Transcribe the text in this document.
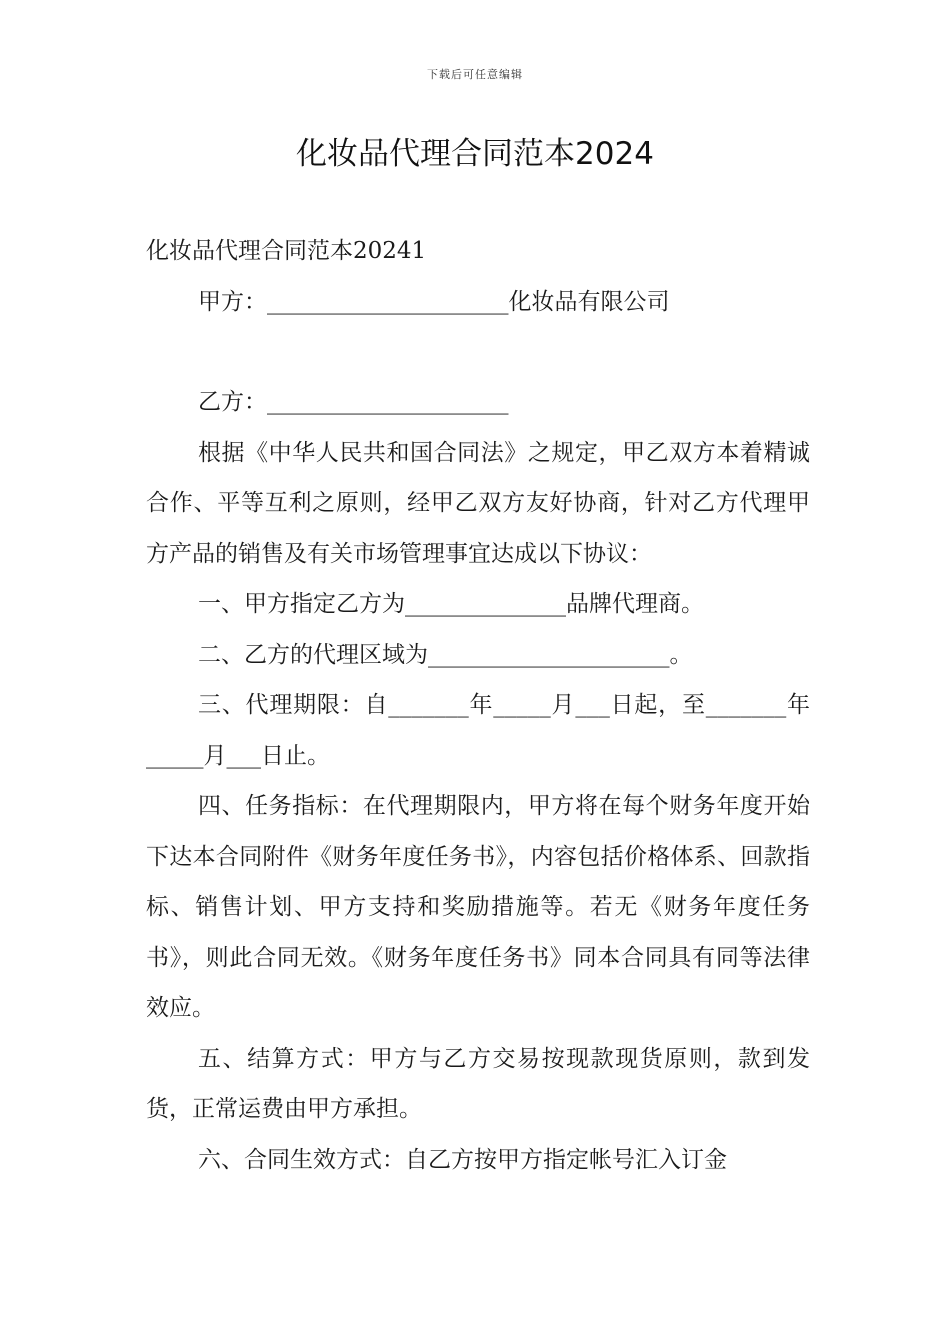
下载后可任意编辑
化妆品代理合同范本2024

化妆品代理合同范本20241

甲方：_____________________化妆品有限公司

乙方：_____________________

根据《中华人民共和国合同法》之规定，甲乙双方本着精诚合作、平等互利之原则，经甲乙双方友好协商，针对乙方代理甲方产品的销售及有关市场管理事宜达成以下协议：

一、甲方指定乙方为______________品牌代理商。

二、乙方的代理区域为_____________________。

三、代理期限：自_______年_____月___日起，至_______年_____月___日止。

四、任务指标：在代理期限内，甲方将在每个财务年度开始下达本合同附件《财务年度任务书》，内容包括价格体系、回款指标、销售计划、甲方支持和奖励措施等。若无《财务年度任务书》，则此合同无效。《财务年度任务书》同本合同具有同等法律效应。

五、结算方式：甲方与乙方交易按现款现货原则，款到发货，正常运费由甲方承担。

六、合同生效方式：自乙方按甲方指定帐号汇入订金
